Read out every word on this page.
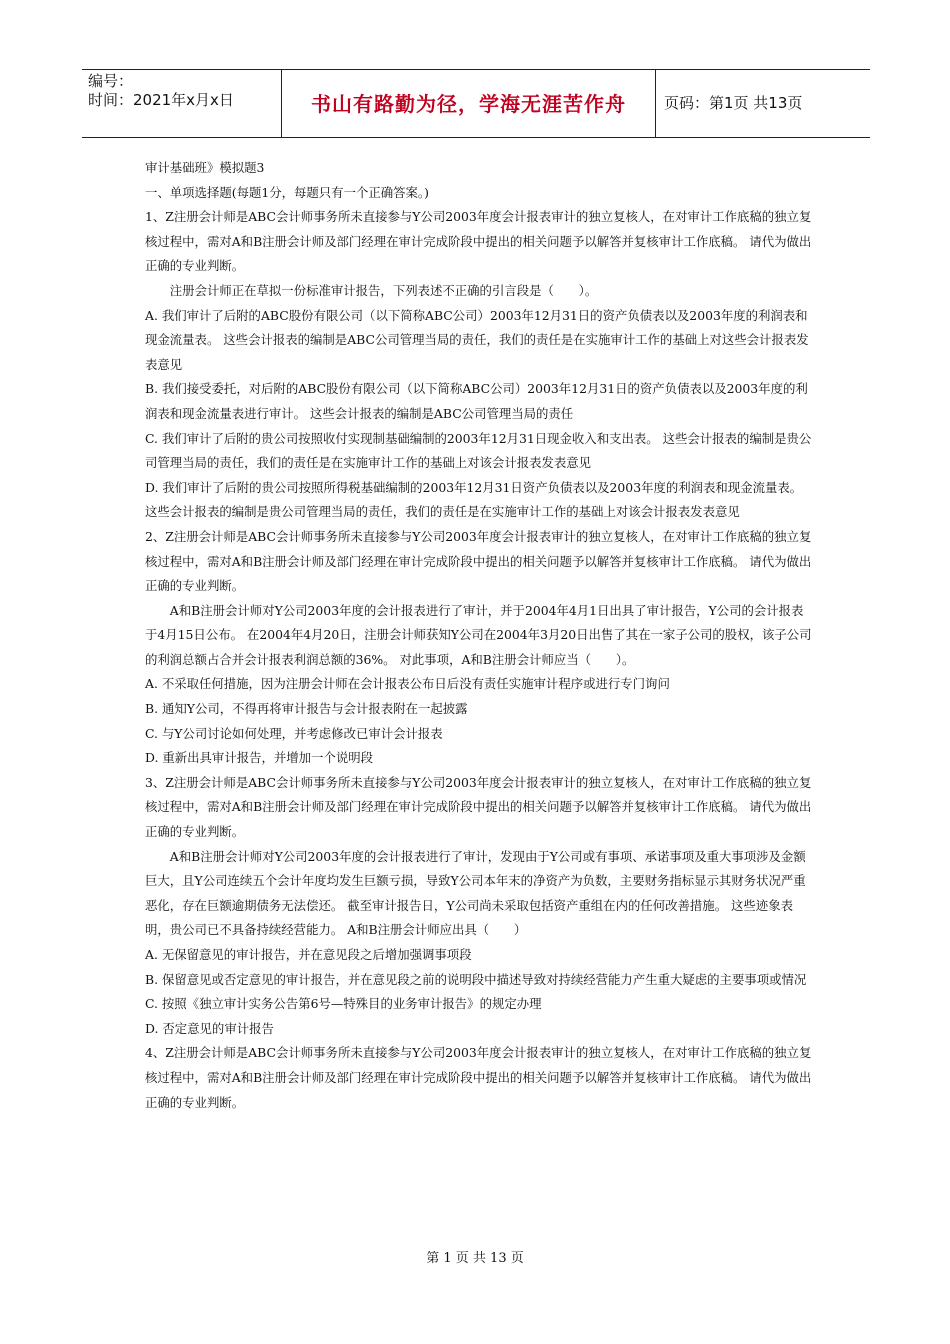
编号：
时间：2021年x月x日	书山有路勤为径，学海无涯苦作舟	页码：第1页 共13页

审计基础班》模拟题3

一、单项选择题(每题1分，每题只有一个正确答案。)

1、Z注册会计师是ABC会计师事务所未直接参与Y公司2003年度会计报表审计的独立复核人，在对审计工作底稿的独立复核过程中，需对A和B注册会计师及部门经理在审计完成阶段中提出的相关问题予以解答并复核审计工作底稿。 请代为做出正确的专业判断。

注册会计师正在草拟一份标准审计报告，下列表述不正确的引言段是（　　）。

A. 我们审计了后附的ABC股份有限公司（以下简称ABC公司）2003年12月31日的资产负债表以及2003年度的利润表和现金流量表。 这些会计报表的编制是ABC公司管理当局的责任，我们的责任是在实施审计工作的基础上对这些会计报表发表意见

B. 我们接受委托，对后附的ABC股份有限公司（以下简称ABC公司）2003年12月31日的资产负债表以及2003年度的利润表和现金流量表进行审计。 这些会计报表的编制是ABC公司管理当局的责任

C. 我们审计了后附的贵公司按照收付实现制基础编制的2003年12月31日现金收入和支出表。 这些会计报表的编制是贵公司管理当局的责任，我们的责任是在实施审计工作的基础上对该会计报表发表意见

D. 我们审计了后附的贵公司按照所得税基础编制的2003年12月31日资产负债表以及2003年度的利润表和现金流量表。 这些会计报表的编制是贵公司管理当局的责任，我们的责任是在实施审计工作的基础上对该会计报表发表意见

2、Z注册会计师是ABC会计师事务所未直接参与Y公司2003年度会计报表审计的独立复核人，在对审计工作底稿的独立复核过程中，需对A和B注册会计师及部门经理在审计完成阶段中提出的相关问题予以解答并复核审计工作底稿。 请代为做出正确的专业判断。

A和B注册会计师对Y公司2003年度的会计报表进行了审计，并于2004年4月1日出具了审计报告，Y公司的会计报表于4月15日公布。 在2004年4月20日，注册会计师获知Y公司在2004年3月20日出售了其在一家子公司的股权，该子公司的利润总额占合并会计报表利润总额的36%。 对此事项，A和B注册会计师应当（　　）。

A. 不采取任何措施，因为注册会计师在会计报表公布日后没有责任实施审计程序或进行专门询问

B. 通知Y公司，不得再将审计报告与会计报表附在一起披露

C. 与Y公司讨论如何处理，并考虑修改已审计会计报表

D. 重新出具审计报告，并增加一个说明段

3、Z注册会计师是ABC会计师事务所未直接参与Y公司2003年度会计报表审计的独立复核人，在对审计工作底稿的独立复核过程中，需对A和B注册会计师及部门经理在审计完成阶段中提出的相关问题予以解答并复核审计工作底稿。 请代为做出正确的专业判断。

A和B注册会计师对Y公司2003年度的会计报表进行了审计，发现由于Y公司或有事项、承诺事项及重大事项涉及金额巨大，且Y公司连续五个会计年度均发生巨额亏损，导致Y公司本年末的净资产为负数，主要财务指标显示其财务状况严重恶化，存在巨额逾期债务无法偿还。 截至审计报告日，Y公司尚未采取包括资产重组在内的任何改善措施。 这些迹象表明，贵公司已不具备持续经营能力。 A和B注册会计师应出具（　　）

A. 无保留意见的审计报告，并在意见段之后增加强调事项段

B. 保留意见或否定意见的审计报告，并在意见段之前的说明段中描述导致对持续经营能力产生重大疑虑的主要事项或情况

C. 按照《独立审计实务公告第6号—特殊目的业务审计报告》的规定办理

D. 否定意见的审计报告

4、Z注册会计师是ABC会计师事务所未直接参与Y公司2003年度会计报表审计的独立复核人，在对审计工作底稿的独立复核过程中，需对A和B注册会计师及部门经理在审计完成阶段中提出的相关问题予以解答并复核审计工作底稿。 请代为做出正确的专业判断。

第 1 页 共 13 页
